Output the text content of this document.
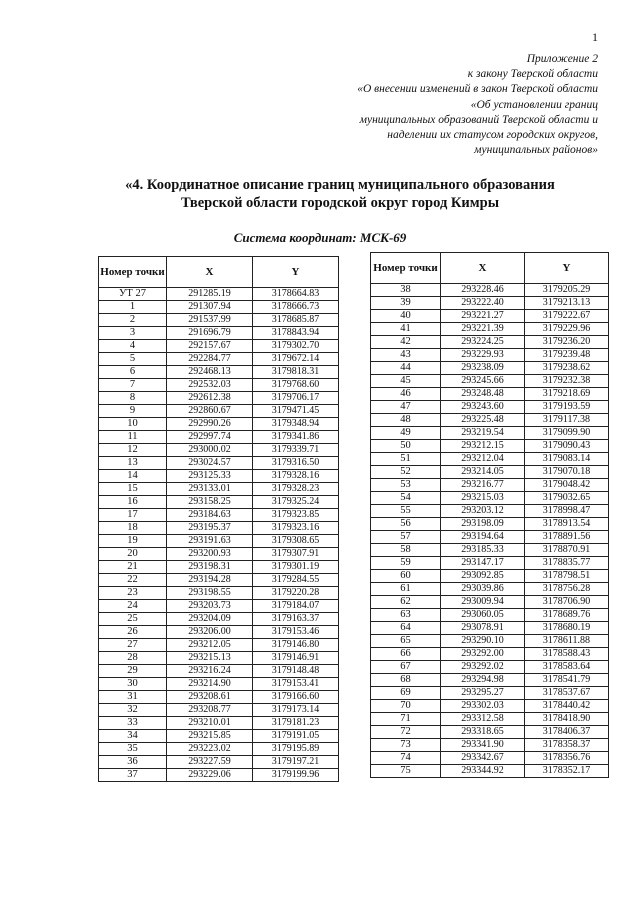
1
Приложение 2
к закону Тверской области
«О внесении изменений в закон Тверской области
«Об установлении границ
муниципальных образований Тверской области и
наделении их статусом городских округов,
муниципальных районов»
«4. Координатное описание границ муниципального образования
Тверской области городской округ город Кимры
Система координат: МСК-69
Номер точки	X	Y
УТ 27	291285.19	3178664.83
1	291307.94	3178666.73
2	291537.99	3178685.87
3	291696.79	3178843.94
4	292157.67	3179302.70
5	292284.77	3179672.14
6	292468.13	3179818.31
7	292532.03	3179768.60
8	292612.38	3179706.17
9	292860.67	3179471.45
10	292990.26	3179348.94
11	292997.74	3179341.86
12	293000.02	3179339.71
13	293024.57	3179316.50
14	293125.33	3179328.16
15	293133.01	3179328.23
16	293158.25	3179325.24
17	293184.63	3179323.85
18	293195.37	3179323.16
19	293191.63	3179308.65
20	293200.93	3179307.91
21	293198.31	3179301.19
22	293194.28	3179284.55
23	293198.55	3179220.28
24	293203.73	3179184.07
25	293204.09	3179163.37
26	293206.00	3179153.46
27	293212.05	3179146.80
28	293215.13	3179146.91
29	293216.24	3179148.48
30	293214.90	3179153.41
31	293208.61	3179166.60
32	293208.77	3179173.14
33	293210.01	3179181.23
34	293215.85	3179191.05
35	293223.02	3179195.89
36	293227.59	3179197.21
37	293229.06	3179199.96
Номер точки	X	Y
38	293228.46	3179205.29
39	293222.40	3179213.13
40	293221.27	3179222.67
41	293221.39	3179229.96
42	293224.25	3179236.20
43	293229.93	3179239.48
44	293238.09	3179238.62
45	293245.66	3179232.38
46	293248.48	3179218.69
47	293243.60	3179193.59
48	293225.48	3179117.38
49	293219.54	3179099.90
50	293212.15	3179090.43
51	293212.04	3179083.14
52	293214.05	3179070.18
53	293216.77	3179048.42
54	293215.03	3179032.65
55	293203.12	3178998.47
56	293198.09	3178913.54
57	293194.64	3178891.56
58	293185.33	3178870.91
59	293147.17	3178835.77
60	293092.85	3178798.51
61	293039.86	3178756.28
62	293009.94	3178706.90
63	293060.05	3178689.76
64	293078.91	3178680.19
65	293290.10	3178611.88
66	293292.00	3178588.43
67	293292.02	3178583.64
68	293294.98	3178541.79
69	293295.27	3178537.67
70	293302.03	3178440.42
71	293312.58	3178418.90
72	293318.65	3178406.37
73	293341.90	3178358.37
74	293342.67	3178356.76
75	293344.92	3178352.17
